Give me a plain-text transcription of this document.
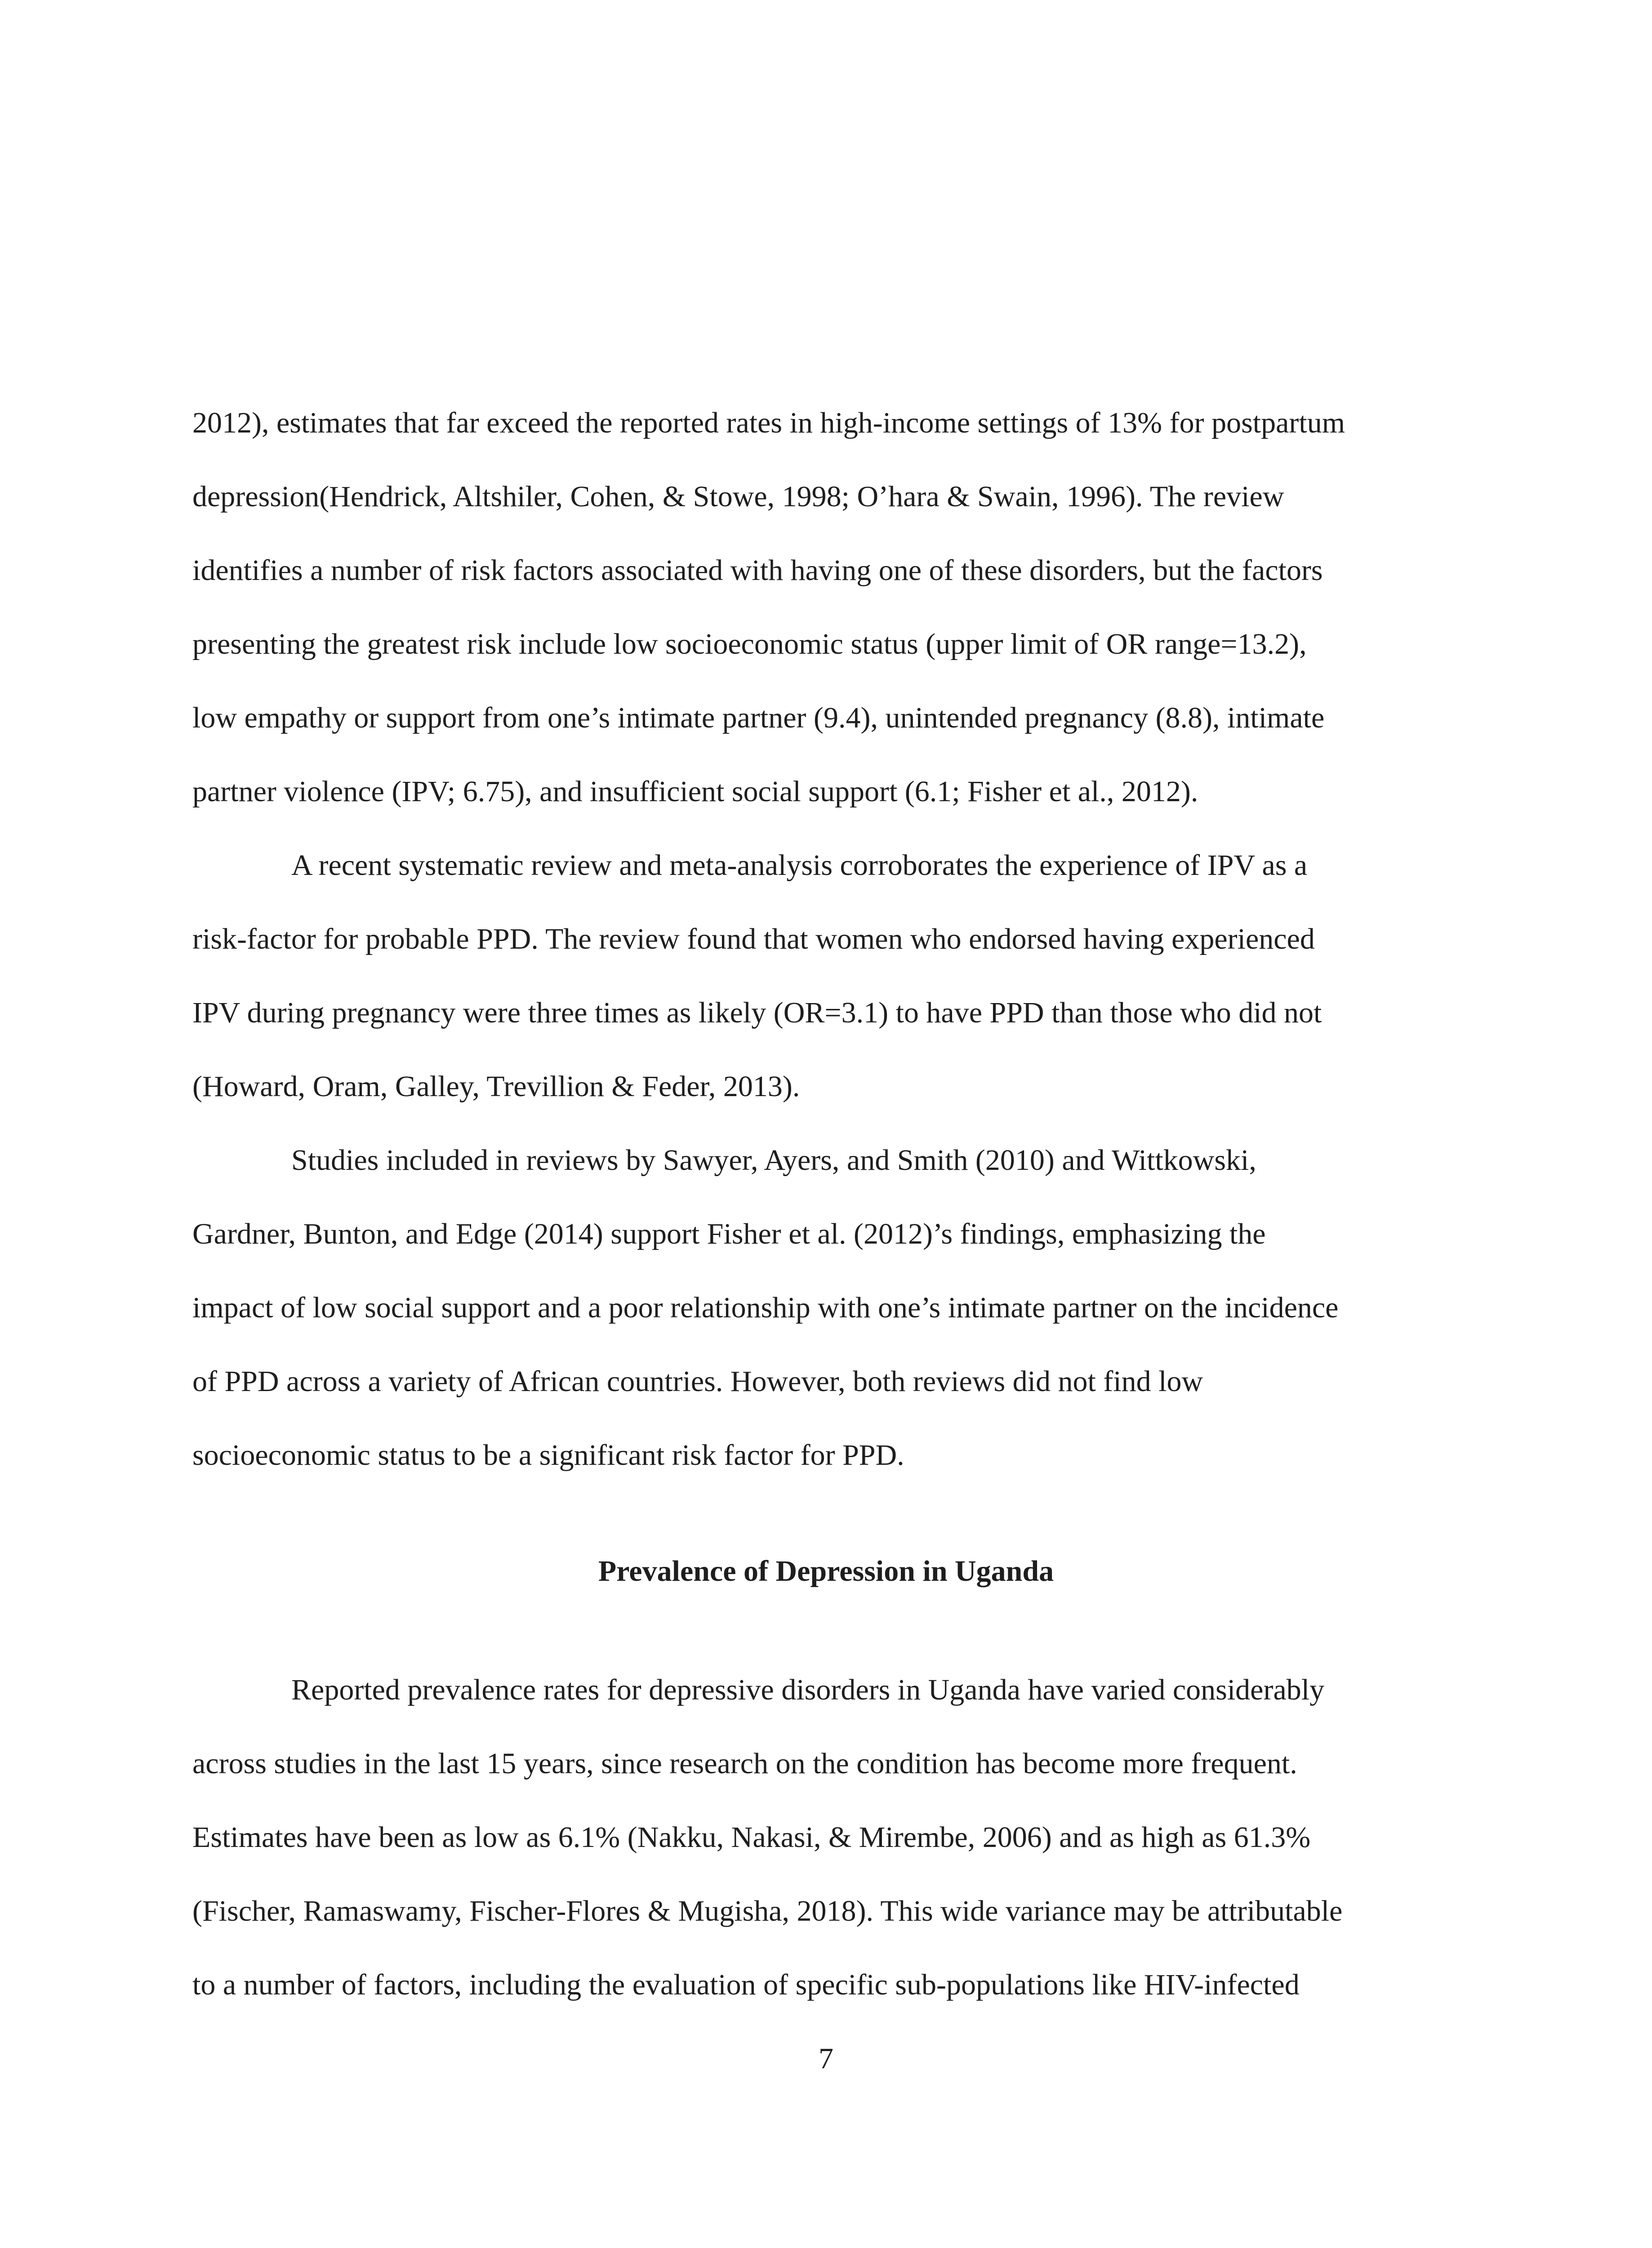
2012), estimates that far exceed the reported rates in high-income settings of 13% for postpartum
depression(Hendrick, Altshiler, Cohen, & Stowe, 1998; O’hara & Swain, 1996). The review
identifies a number of risk factors associated with having one of these disorders, but the factors
presenting the greatest risk include low socioeconomic status (upper limit of OR range=13.2),
low empathy or support from one’s intimate partner (9.4), unintended pregnancy (8.8), intimate
partner violence (IPV; 6.75), and insufficient social support (6.1; Fisher et al., 2012).
A recent systematic review and meta-analysis corroborates the experience of IPV as a
risk-factor for probable PPD. The review found that women who endorsed having experienced
IPV during pregnancy were three times as likely (OR=3.1) to have PPD than those who did not
(Howard, Oram, Galley, Trevillion & Feder, 2013).
Studies included in reviews by Sawyer, Ayers, and Smith (2010) and Wittkowski,
Gardner, Bunton, and Edge (2014) support Fisher et al. (2012)’s findings, emphasizing the
impact of low social support and a poor relationship with one’s intimate partner on the incidence
of PPD across a variety of African countries. However, both reviews did not find low
socioeconomic status to be a significant risk factor for PPD.
Prevalence of Depression in Uganda
Reported prevalence rates for depressive disorders in Uganda have varied considerably
across studies in the last 15 years, since research on the condition has become more frequent.
Estimates have been as low as 6.1% (Nakku, Nakasi, & Mirembe, 2006) and as high as 61.3%
(Fischer, Ramaswamy, Fischer-Flores & Mugisha, 2018). This wide variance may be attributable
to a number of factors, including the evaluation of specific sub-populations like HIV-infected
7
